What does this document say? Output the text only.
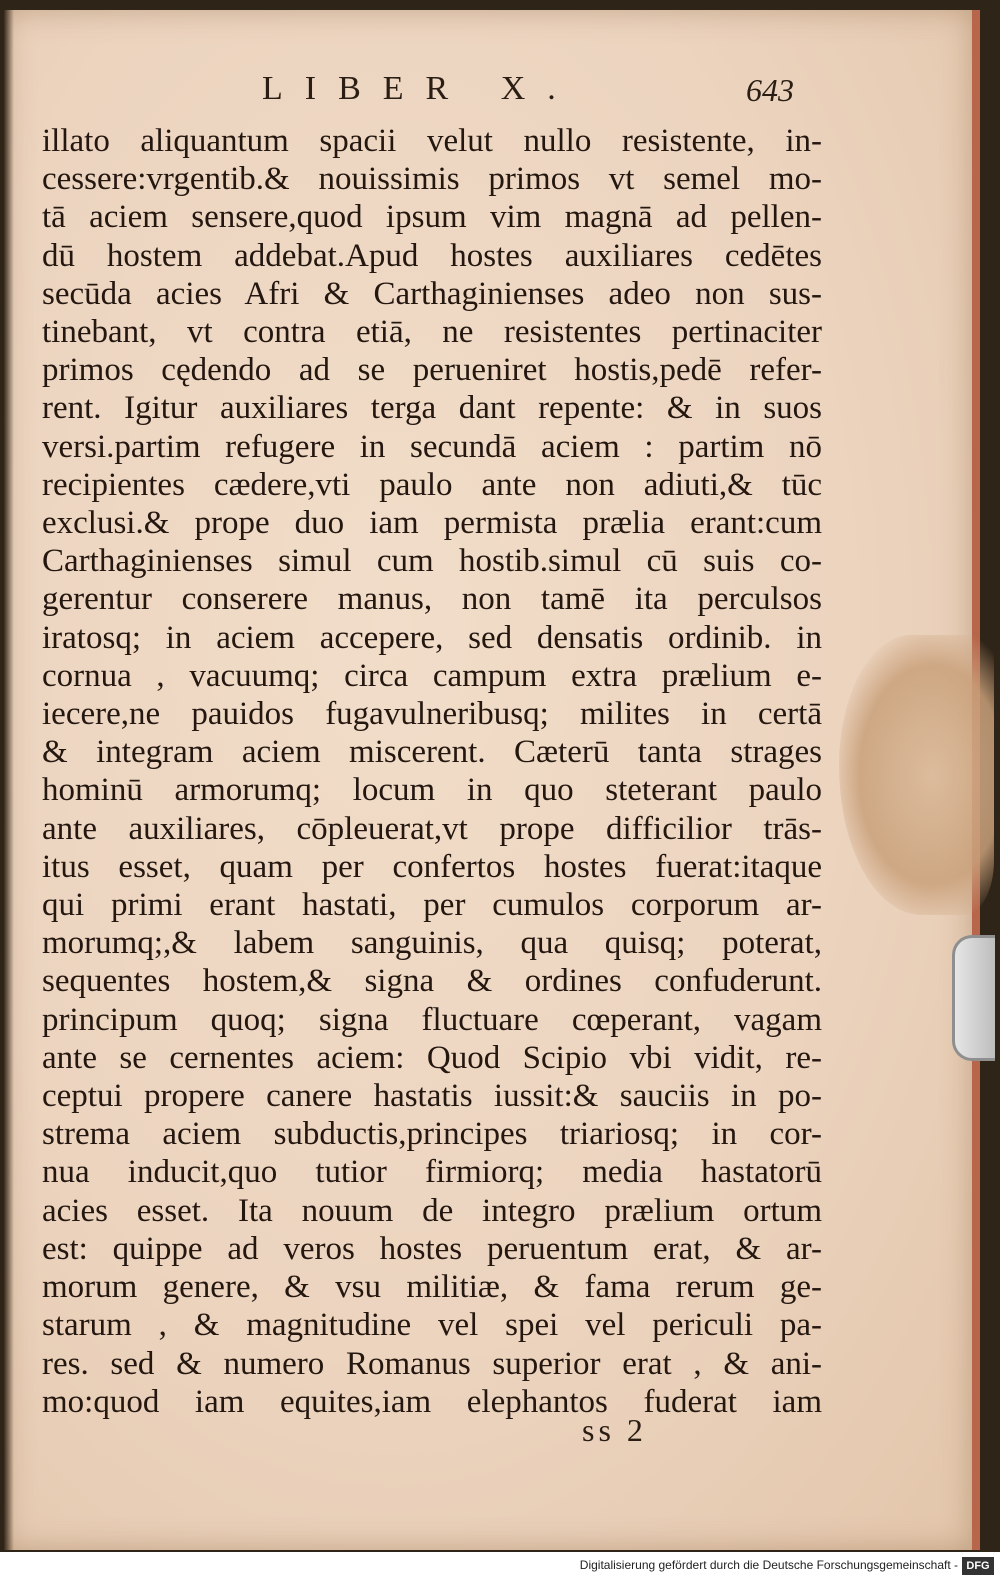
LIBER X.	643
illato aliquantum spacii velut nullo resistente, in-
cessere:vrgentib.& nouissimis primos vt semel mo-
tā aciem sensere,quod ipsum vim magnā ad pellen-
dū hostem addebat.Apud hostes auxiliares cedētes
secūda acies Afri & Carthaginienses adeo non sus-
tinebant, vt contra etiā, ne resistentes pertinaciter
primos cędendo ad se perueniret hostis,pedē refer-
rent. Igitur auxiliares terga dant repente: & in suos
versi.partim refugere in secundā aciem : partim nō
recipientes cædere,vti paulo ante non adiuti,& tūc
exclusi.& prope duo iam permista prælia erant:cum
Carthaginienses simul cum hostib.simul cū suis co-
gerentur conserere manus, non tamē ita perculsos
iratosq; in aciem accepere, sed densatis ordinib. in
cornua , vacuumq; circa campum extra prælium e-
iecere,ne pauidos fugavulneribusq; milites in certā
& integram aciem miscerent. Cæterū tanta strages
hominū armorumq; locum in quo steterant paulo
ante auxiliares, cōpleuerat,vt prope difficilior trās-
itus esset, quam per confertos hostes fuerat:itaque
qui primi erant hastati, per cumulos corporum ar-
morumq;,& labem sanguinis, qua quisq; poterat,
sequentes hostem,& signa & ordines confuderunt.
principum quoq; signa fluctuare cœperant, vagam
ante se cernentes aciem: Quod Scipio vbi vidit, re-
ceptui propere canere hastatis iussit:& sauciis in po-
strema aciem subductis,principes triariosq; in cor-
nua inducit,quo tutior firmiorq; media hastatorū
acies esset. Ita nouum de integro prælium ortum
est: quippe ad veros hostes peruentum erat, & ar-
morum genere, & vsu militiæ, & fama rerum ge-
starum , & magnitudine vel spei vel periculi pa-
res. sed & numero Romanus superior erat , & ani-
mo:quod iam equites,iam elephantos fuderat iam
ss 2
Digitalisierung gefördert durch die Deutsche Forschungsgemeinschaft - DFG
